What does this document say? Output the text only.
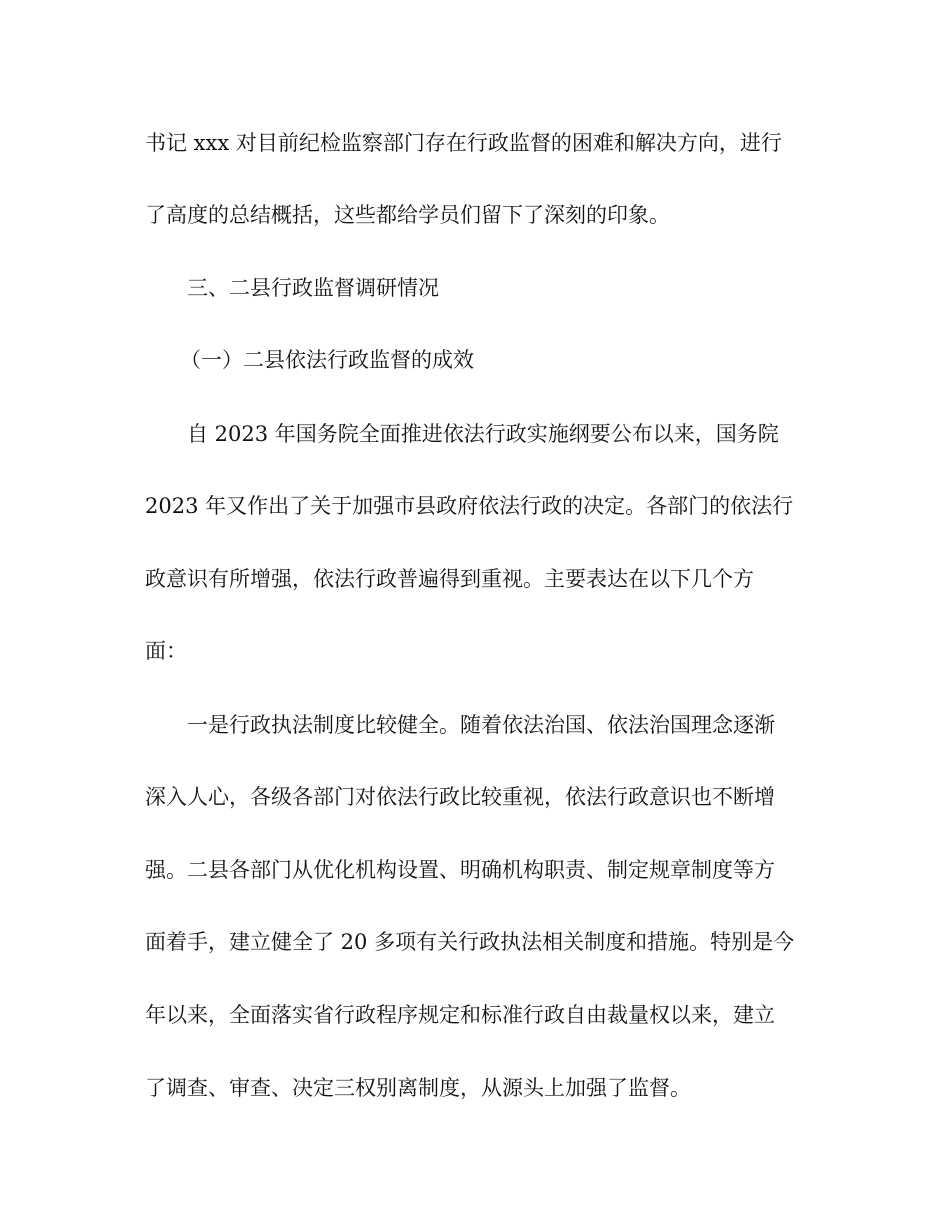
书记 xxx 对目前纪检监察部门存在行政监督的困难和解决方向，进行
了高度的总结概括，这些都给学员们留下了深刻的印象。
三、二县行政监督调研情况
（一）二县依法行政监督的成效
自 2023 年国务院全面推进依法行政实施纲要公布以来，国务院
2023 年又作出了关于加强市县政府依法行政的决定。各部门的依法行
政意识有所增强，依法行政普遍得到重视。主要表达在以下几个方
面：
一是行政执法制度比较健全。随着依法治国、依法治国理念逐渐
深入人心，各级各部门对依法行政比较重视，依法行政意识也不断增
强。二县各部门从优化机构设置、明确机构职责、制定规章制度等方
面着手，建立健全了 20 多项有关行政执法相关制度和措施。特别是今
年以来，全面落实省行政程序规定和标准行政自由裁量权以来，建立
了调查、审查、决定三权别离制度，从源头上加强了监督。
